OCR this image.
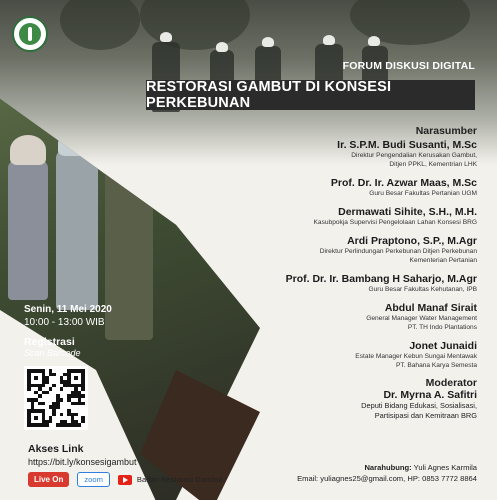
FORUM DISKUSI DIGITAL
RESTORASI GAMBUT DI KONSESI PERKEBUNAN
Narasumber
Ir. S.P.M. Budi Susanti, M.Sc
Direktur Pengendalian Kerusakan Gambut,
Ditjen PPKL, Kementrian LHK
Prof. Dr. Ir. Azwar Maas, M.Sc
Guru Besar Fakultas Pertanian UGM
Dermawati Sihite, S.H., M.H.
Kasubpokja Supervisi Pengelolaan Lahan Konsesi BRG
Ardi Praptono, S.P., M.Agr
Direktur Perlindungan Perkebunan Ditjen Perkebunan
Kementerian Pertanian
Prof. Dr. Ir. Bambang H Saharjo, M.Agr
Guru Besar Fakultas Kehutanan, IPB
Abdul Manaf Sirait
General Manager Water Management
PT. TH Indo Plantations
Jonet Junaidi
Estate Manager Kebun Sungai Mentawak
PT. Bahana Karya Semesta
Moderator
Dr. Myrna A. Safitri
Deputi Bidang Edukasi, Sosialisasi,
Partisipasi dan Kemitraan BRG
Narahubung: Yuli Agnes Karmila
Email: yuliagnes25@gmail.com, HP: 0853 7772 8864
Senin, 11 Mei 2020
10:00 - 13:00 WIB
Registrasi
Scan Barcode
Akses Link
https://bit.ly/konsesigambut
Live On	zoom	Badan Restorasi Gambut
